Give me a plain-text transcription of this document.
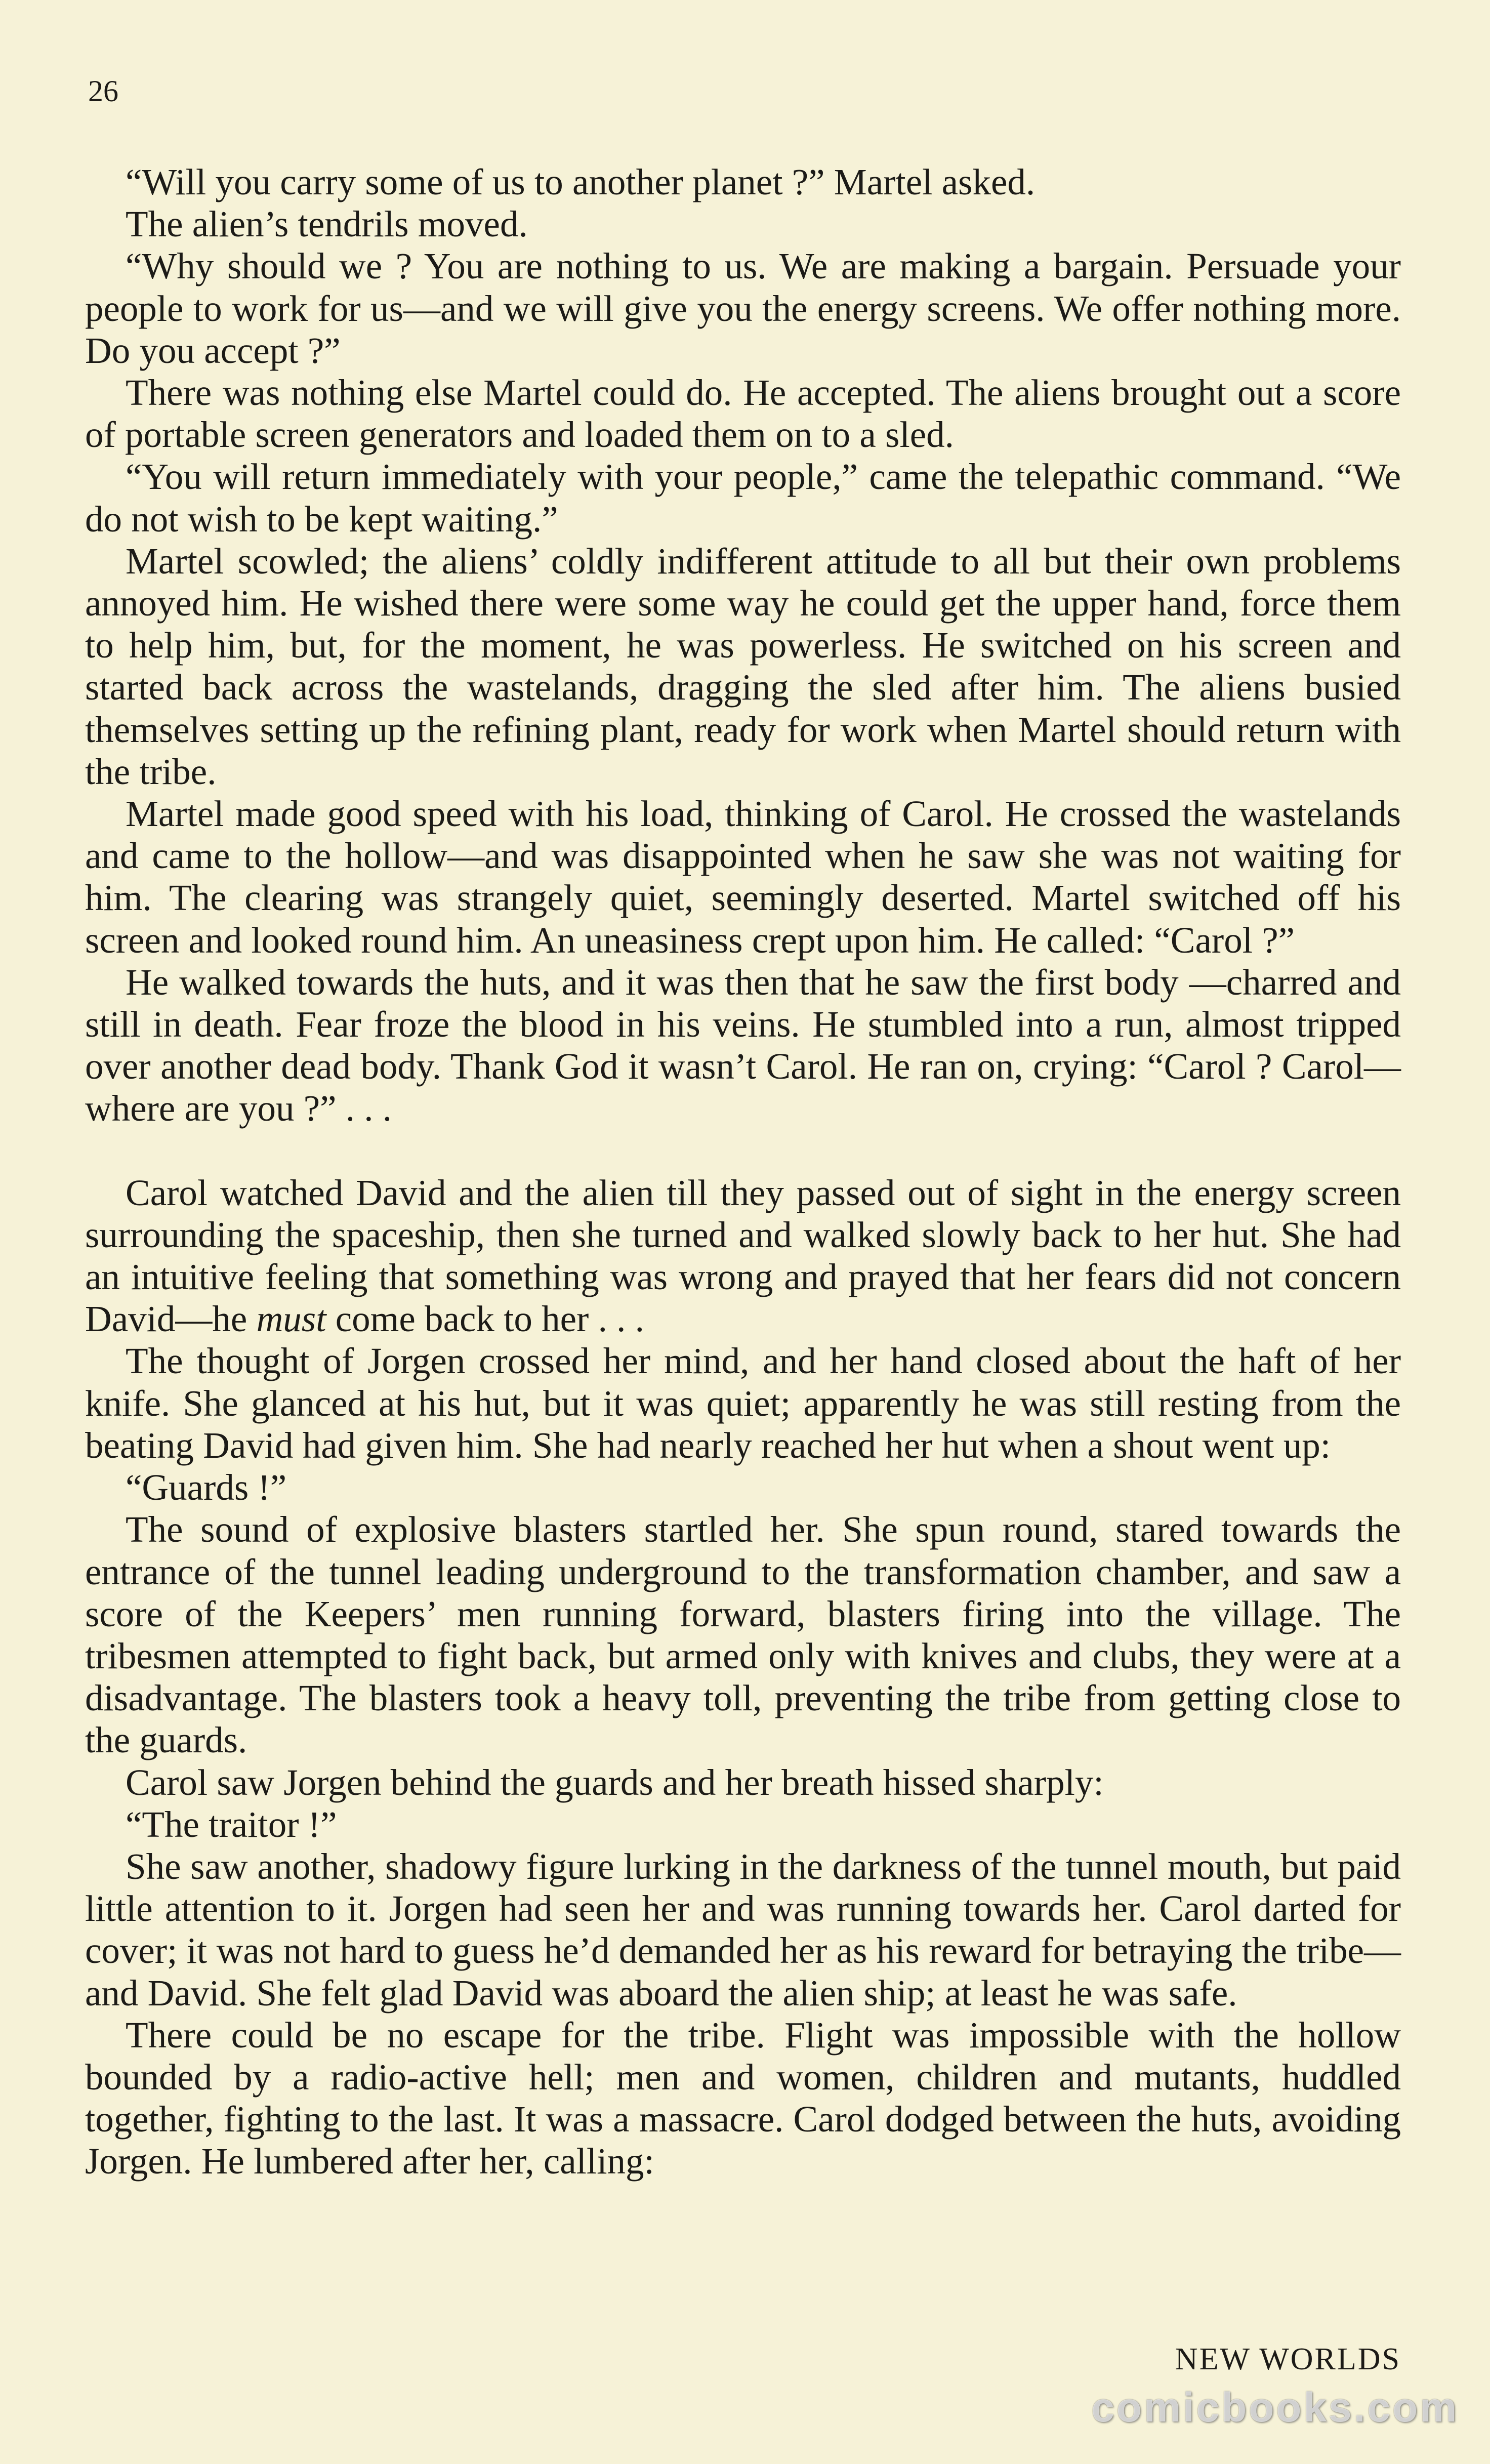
26

“Will you carry some of us to another planet ?” Martel asked.

The alien’s tendrils moved.

“Why should we ? You are nothing to us. We are making a bargain. Persuade your people to work for us—and we will give you the energy screens. We offer nothing more. Do you accept ?”

There was nothing else Martel could do. He accepted. The aliens brought out a score of portable screen generators and loaded them on to a sled.

“You will return immediately with your people,” came the telepathic command. “We do not wish to be kept waiting.”

Martel scowled; the aliens’ coldly indifferent attitude to all but their own problems annoyed him. He wished there were some way he could get the upper hand, force them to help him, but, for the moment, he was powerless. He switched on his screen and started back across the wastelands, dragging the sled after him. The aliens busied themselves setting up the refining plant, ready for work when Martel should return with the tribe.

Martel made good speed with his load, thinking of Carol. He crossed the wastelands and came to the hollow—and was disappointed when he saw she was not waiting for him. The clearing was strangely quiet, seemingly deserted. Martel switched off his screen and looked round him. An uneasiness crept upon him. He called: “Carol ?”

He walked towards the huts, and it was then that he saw the first body —charred and still in death. Fear froze the blood in his veins. He stumbled into a run, almost tripped over another dead body. Thank God it wasn’t Carol. He ran on, crying: “Carol ? Carol—where are you ?” . . .

Carol watched David and the alien till they passed out of sight in the energy screen surrounding the spaceship, then she turned and walked slowly back to her hut. She had an intuitive feeling that something was wrong and prayed that her fears did not concern David—he must come back to her . . .

The thought of Jorgen crossed her mind, and her hand closed about the haft of her knife. She glanced at his hut, but it was quiet; apparently he was still resting from the beating David had given him. She had nearly reached her hut when a shout went up:

“Guards !”

The sound of explosive blasters startled her. She spun round, stared towards the entrance of the tunnel leading underground to the transformation chamber, and saw a score of the Keepers’ men running forward, blasters firing into the village. The tribesmen attempted to fight back, but armed only with knives and clubs, they were at a disadvantage. The blasters took a heavy toll, preventing the tribe from getting close to the guards.

Carol saw Jorgen behind the guards and her breath hissed sharply:

“The traitor !”

She saw another, shadowy figure lurking in the darkness of the tunnel mouth, but paid little attention to it. Jorgen had seen her and was running towards her. Carol darted for cover; it was not hard to guess he’d demanded her as his reward for betraying the tribe—and David. She felt glad David was aboard the alien ship; at least he was safe.

There could be no escape for the tribe. Flight was impossible with the hollow bounded by a radio-active hell; men and women, children and mutants, huddled together, fighting to the last. It was a massacre. Carol dodged between the huts, avoiding Jorgen. He lumbered after her, calling:

NEW WORLDS
comicbooks.com
